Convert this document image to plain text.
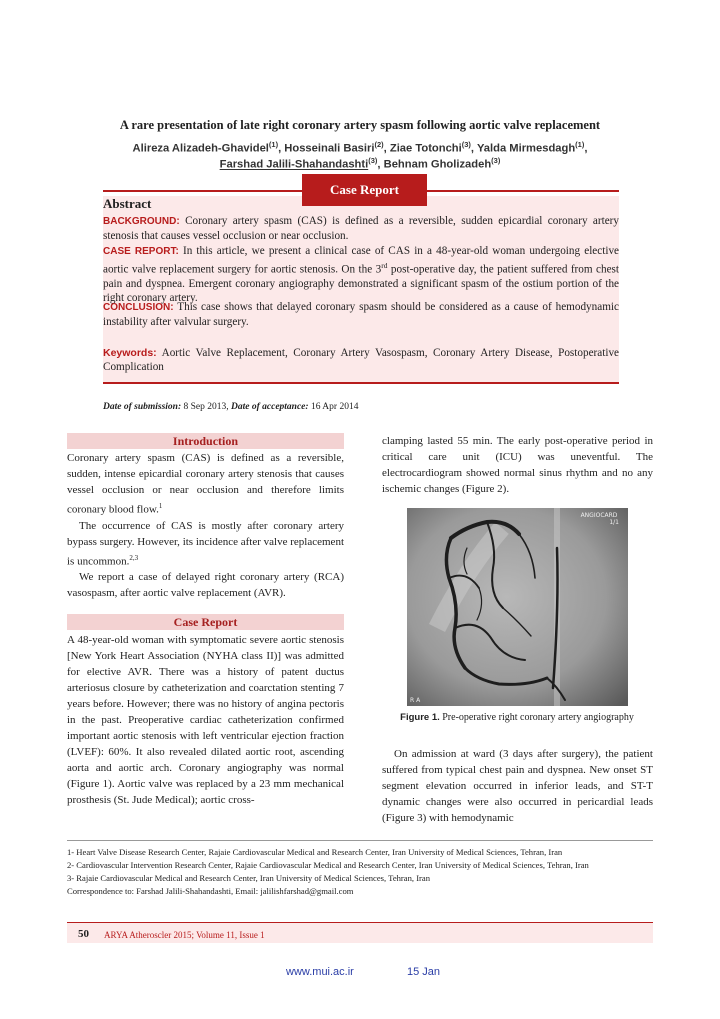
A rare presentation of late right coronary artery spasm following aortic valve replacement
Alireza Alizadeh-Ghavidel$^{(1)}$, Hosseinali Basiri$^{(2)}$, Ziae Totonchi$^{(3)}$, Yalda Mirmesdagh$^{(1)}$,
Farshad Jalili-Shahandashti$^{(3)}$, Behnam Gholizadeh$^{(3)}$
Case Report
Abstract
BACKGROUND: Coronary artery spasm (CAS) is defined as a reversible, sudden epicardial coronary artery stenosis that causes vessel occlusion or near occlusion.
CASE REPORT: In this article, we present a clinical case of CAS in a 48-year-old woman undergoing elective aortic valve replacement surgery for aortic stenosis. On the 3rd post-operative day, the patient suffered from chest pain and dyspnea. Emergent coronary angiography demonstrated a significant spasm of the ostium portion of the right coronary artery.
CONCLUSION: This case shows that delayed coronary spasm should be considered as a cause of hemodynamic instability after valvular surgery.
Keywords: Aortic Valve Replacement, Coronary Artery Vasospasm, Coronary Artery Disease, Postoperative Complication
Date of submission: 8 Sep 2013, Date of acceptance: 16 Apr 2014
Introduction

Coronary artery spasm (CAS) is defined as a reversible, sudden, intense epicardial coronary artery stenosis that causes vessel occlusion or near occlusion and therefore limits coronary blood flow.$^1$

The occurrence of CAS is mostly after coronary artery bypass surgery. However, its incidence after valve replacement is uncommon.$^{2,3}$

We report a case of delayed right coronary artery (RCA) vasospasm, after aortic valve replacement (AVR).

Case Report

A 48-year-old woman with symptomatic severe aortic stenosis [New York Heart Association (NYHA class II)] was admitted for elective AVR. There was a history of patent ductus arteriosus closure by catheterization and coarctation stenting 7 years before. However; there was no history of angina pectoris in the past. Preoperative cardiac catheterization confirmed important aortic stenosis with left ventricular ejection fraction (LVEF): 60%. It also revealed dilated aortic root, ascending aorta and aortic arch. Coronary angiography was normal (Figure 1). Aortic valve was replaced by a 23 mm mechanical prosthesis (St. Jude Medical); aortic cross-

clamping lasted 55 min. The early post-operative period in critical care unit (ICU) was uneventful. The electrocardiogram showed normal sinus rhythm and no any ischemic changes (Figure 2).

ANGIOCARD
1/1
R A
Figure 1. Pre-operative right coronary artery angiography

On admission at ward (3 days after surgery), the patient suffered from typical chest pain and dyspnea. New onset ST segment elevation occurred in inferior leads, and ST-T dynamic changes were also occurred in pericardial leads (Figure 3) with hemodynamic

1- Heart Valve Disease Research Center, Rajaie Cardiovascular Medical and Research Center, Iran University of Medical Sciences, Tehran, Iran

2- Cardiovascular Intervention Research Center, Rajaie Cardiovascular Medical and Research Center, Iran University of Medical Sciences, Tehran, Iran

3- Rajaie Cardiovascular Medical and Research Center, Iran University of Medical Sciences, Tehran, Iran

Correspondence to: Farshad Jalili-Shahandashti, Email: jalilishfarshad@gmail.com

50 ARYA Atheroscler 2015; Volume 11, Issue 1
www.mui.ac.ir	15 Jan
